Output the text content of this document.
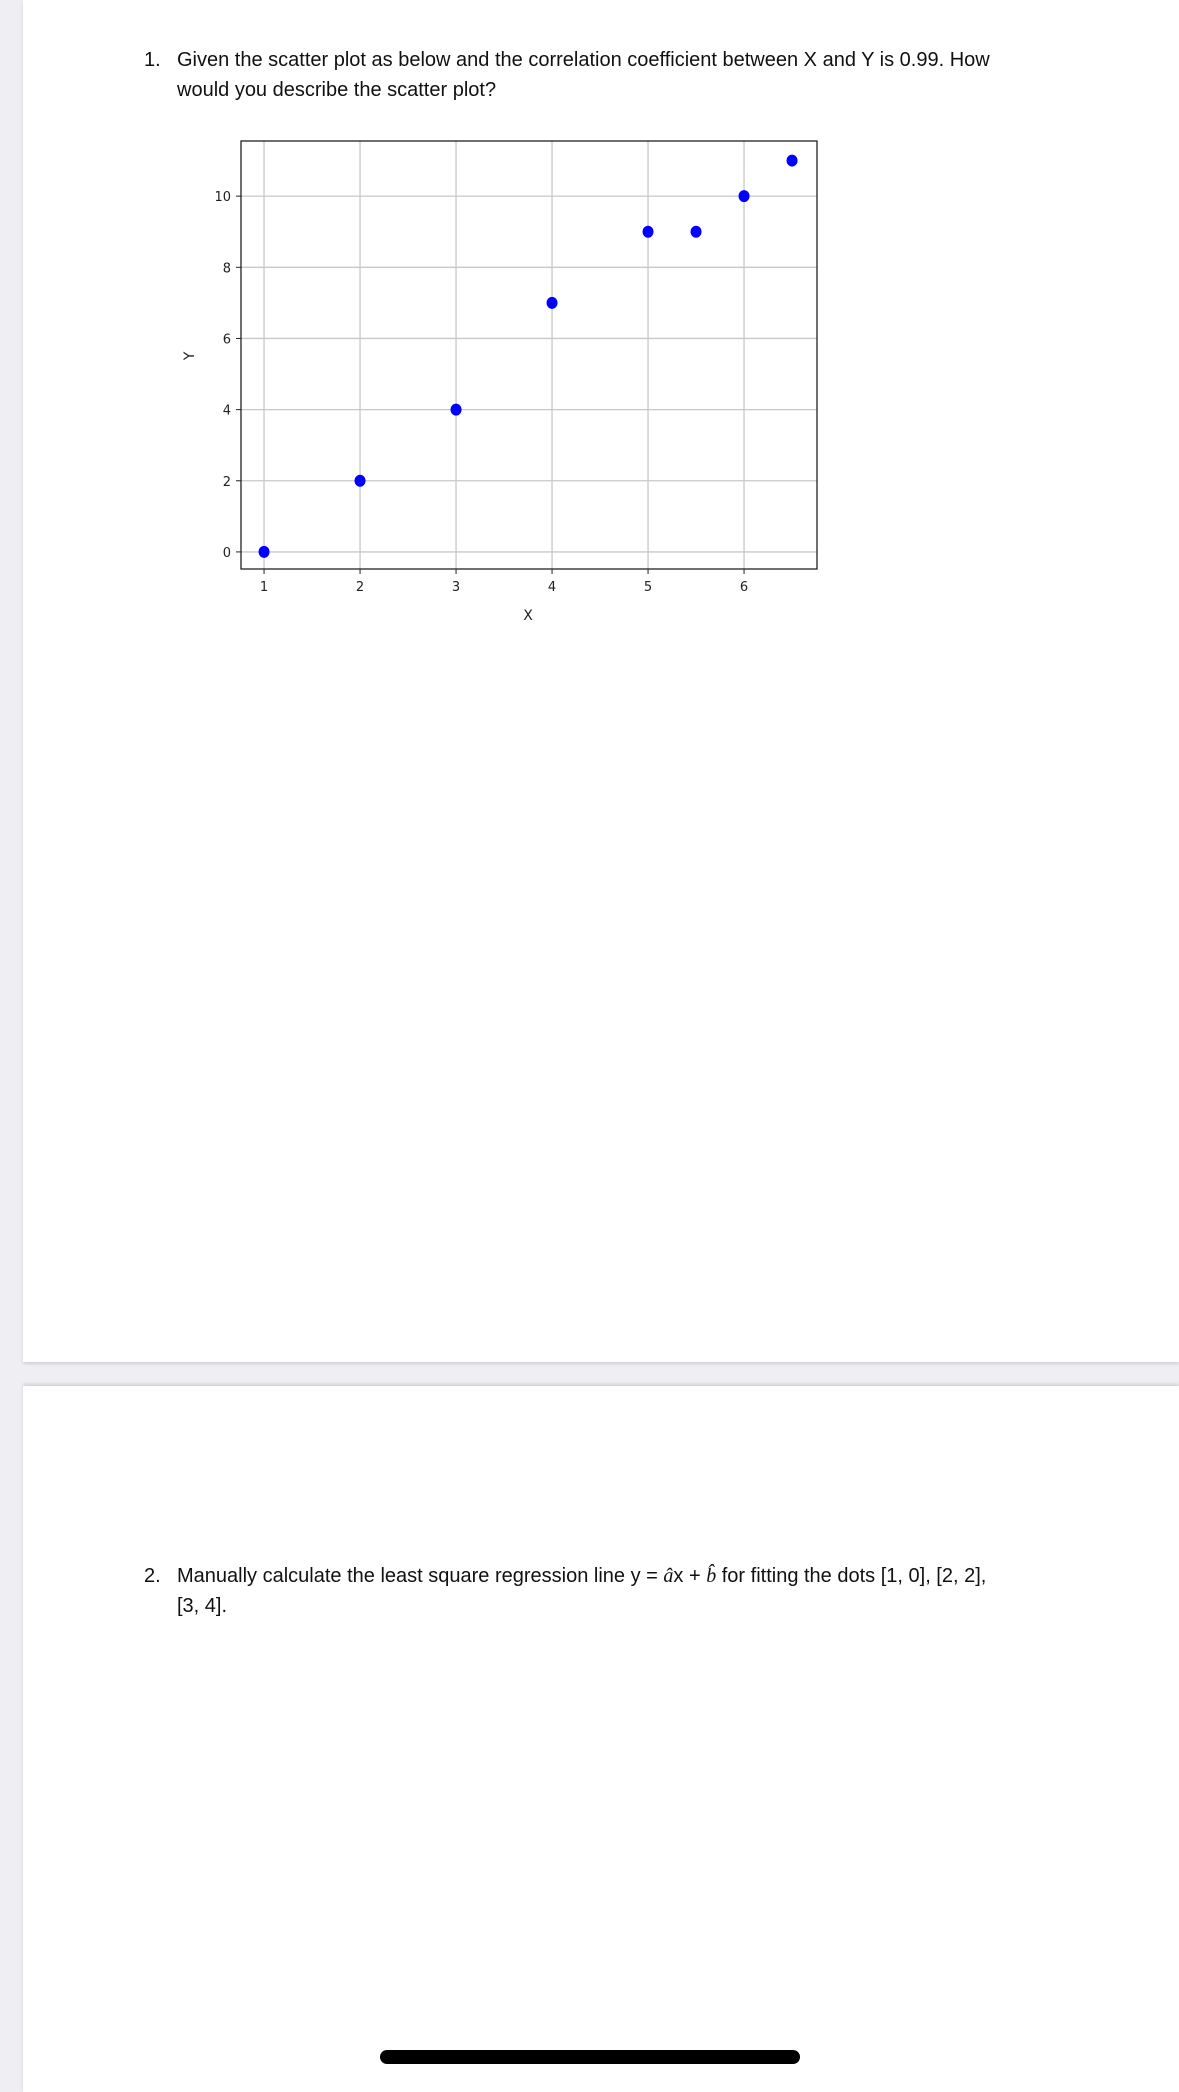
1. Given the scatter plot as below and the correlation coefficient between X and Y is 0.99. How
would you describe the scatter plot?
1	2	3	4	5	6
0
2
4
6
8
10
X
Y
2. Manually calculate the least square regression line y = âx + b̂ for fitting the dots [1, 0], [2, 2],
[3, 4].
